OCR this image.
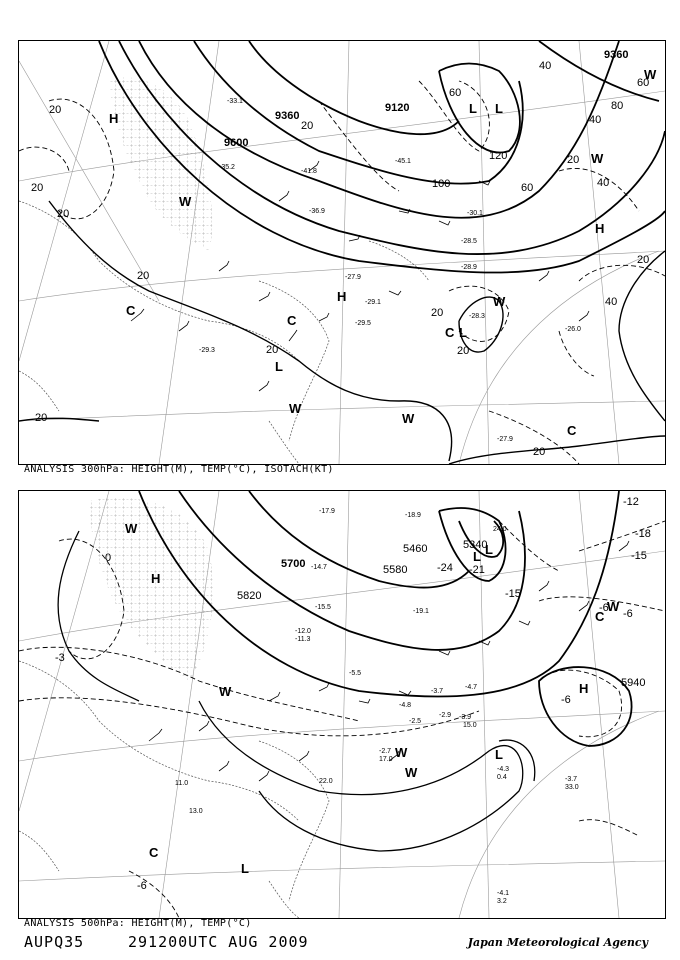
9360
9600
9120
9360
20
20
20
20
20
20
20
20
20
20
20
40
40
40
60
60
60
80
120
100
40
20
H
W
C
H
C
L
W
L
W
W
H
C
L
W
W
L
C
-27.9
-28.9
-29.1
-29.5
-28.3
-29.3
-26.0
-27.9
-30.1
-28.5
-45.1
-41.8
-36.9
-33.1
-35.2
ANALYSIS 300hPa: HEIGHT(M), TEMP(°C), ISOTACH(KT)
5700
5820
5580
5460	5340
5940
0
-3
-6
-12
-15
-18
-21
-24
-15
-6
-6
-6
W
H
L
W
W	L
C
W
H
W
L
C
L
-17.9
-18.9
-14.7
-15.5
-11.3
-12.0
-19.1
-5.5
-4.8
-3.7
-2.9
-4.7
-3.9
-2.5
-4.3
-3.7
-2.7
-4.1
33.0
22.0
15.0
11.0
13.0
17.0
24.0
0.4
3.2
ANALYSIS 500hPa: HEIGHT(M), TEMP(°C)
AUPQ35	291200UTC AUG 2009	Japan Meteorological Agency
